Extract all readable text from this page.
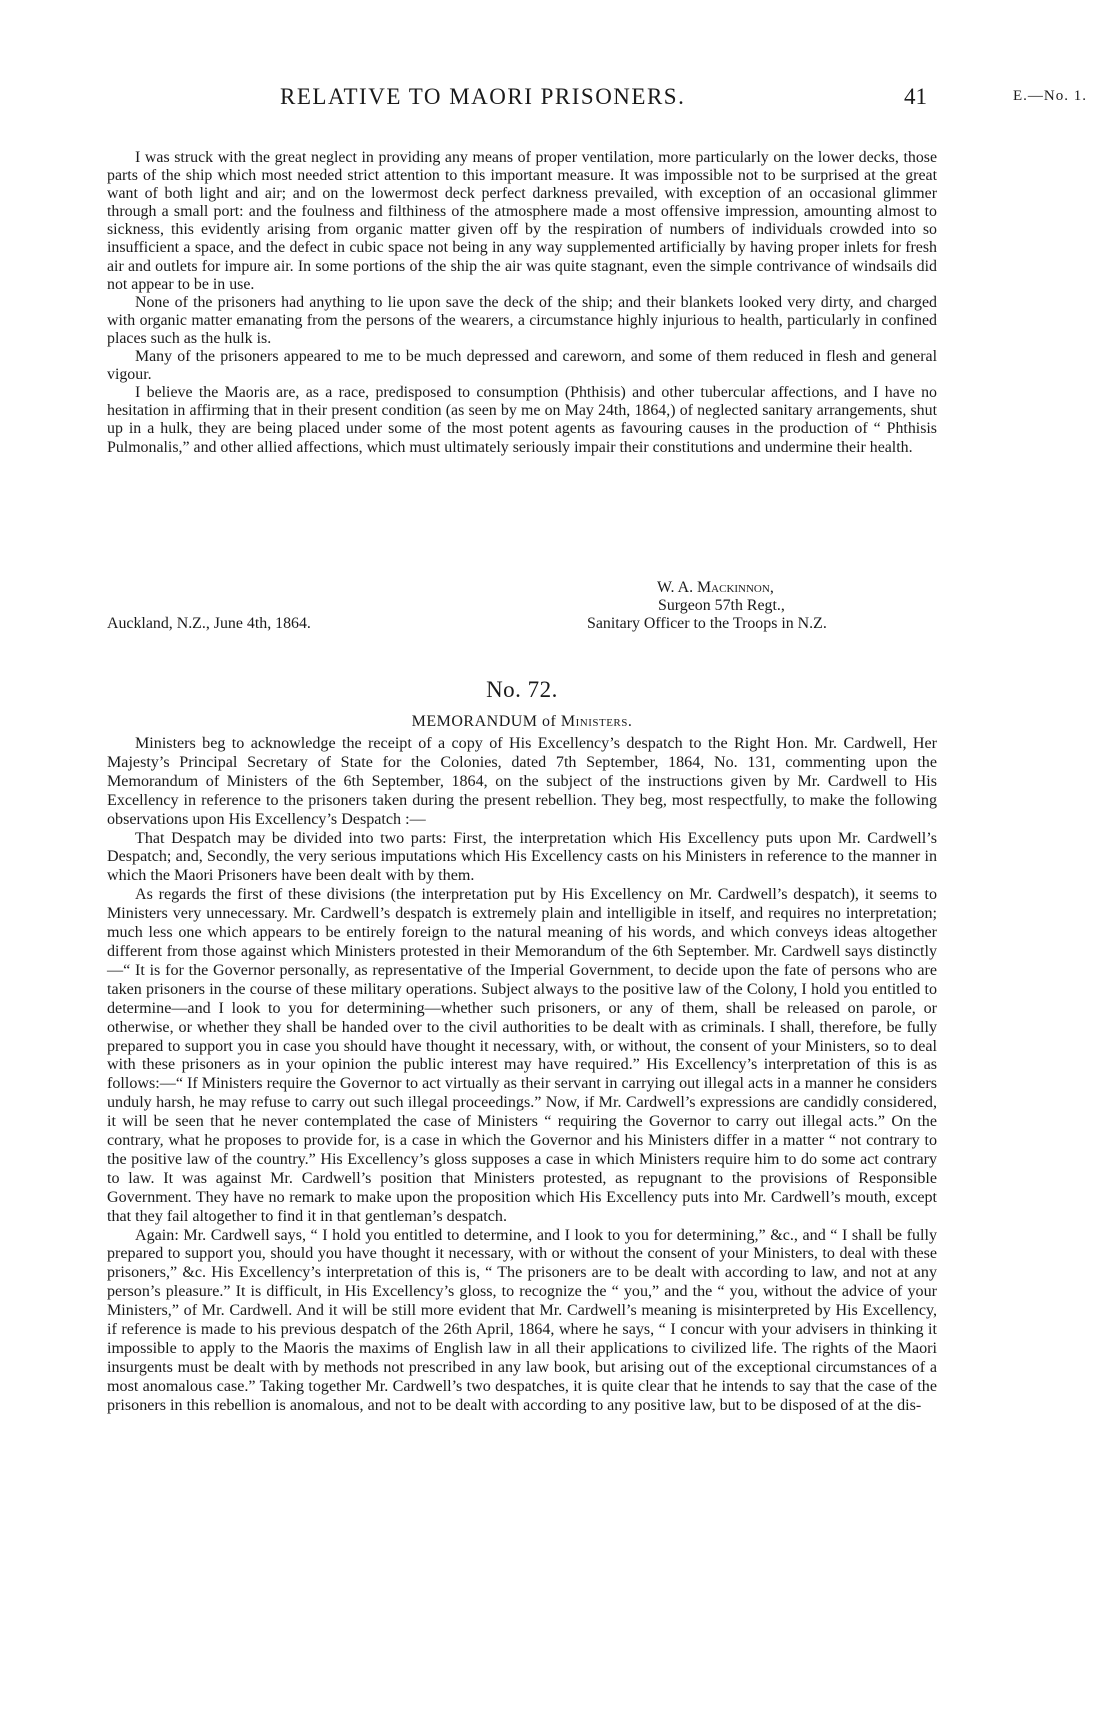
RELATIVE TO MAORI PRISONERS.	41	E.—No. 1.

I was struck with the great neglect in providing any means of proper ventilation, more particularly on the lower decks, those parts of the ship which most needed strict attention to this important measure. It was impossible not to be surprised at the great want of both light and air; and on the lowermost deck perfect darkness prevailed, with exception of an occasional glimmer through a small port: and the foulness and filthiness of the atmosphere made a most offensive impression, amounting almost to sickness, this evidently arising from organic matter given off by the respiration of numbers of individuals crowded into so insufficient a space, and the defect in cubic space not being in any way supplemented artificially by having proper inlets for fresh air and outlets for impure air. In some portions of the ship the air was quite stagnant, even the simple contrivance of windsails did not appear to be in use.

None of the prisoners had anything to lie upon save the deck of the ship; and their blankets looked very dirty, and charged with organic matter emanating from the persons of the wearers, a circumstance highly injurious to health, particularly in confined places such as the hulk is.

Many of the prisoners appeared to me to be much depressed and careworn, and some of them reduced in flesh and general vigour.

I believe the Maoris are, as a race, predisposed to consumption (Phthisis) and other tubercular affections, and I have no hesitation in affirming that in their present condition (as seen by me on May 24th, 1864,) of neglected sanitary arrangements, shut up in a hulk, they are being placed under some of the most potent agents as favouring causes in the production of “ Phthisis Pulmonalis,” and other allied affections, which must ultimately seriously impair their constitutions and undermine their health.

W. A. Mackinnon,
Surgeon 57th Regt.,
Auckland, N.Z., June 4th, 1864.	Sanitary Officer to the Troops in N.Z.
No. 72.
MEMORANDUM of Ministers.

Ministers beg to acknowledge the receipt of a copy of His Excellency’s despatch to the Right Hon. Mr. Cardwell, Her Majesty’s Principal Secretary of State for the Colonies, dated 7th September, 1864, No. 131, commenting upon the Memorandum of Ministers of the 6th September, 1864, on the subject of the instructions given by Mr. Cardwell to His Excellency in reference to the prisoners taken during the present rebellion. They beg, most respectfully, to make the following observations upon His Excellency’s Despatch :—

That Despatch may be divided into two parts: First, the interpretation which His Excellency puts upon Mr. Cardwell’s Despatch; and, Secondly, the very serious imputations which His Excellency casts on his Ministers in reference to the manner in which the Maori Prisoners have been dealt with by them.

As regards the first of these divisions (the interpretation put by His Excellency on Mr. Cardwell’s despatch), it seems to Ministers very unnecessary. Mr. Cardwell’s despatch is extremely plain and intelligible in itself, and requires no interpretation; much less one which appears to be entirely foreign to the natural meaning of his words, and which conveys ideas altogether different from those against which Ministers protested in their Memorandum of the 6th September. Mr. Cardwell says distinctly—“ It is for the Governor personally, as representative of the Imperial Government, to decide upon the fate of persons who are taken prisoners in the course of these military operations. Subject always to the positive law of the Colony, I hold you entitled to determine—and I look to you for determining—whether such prisoners, or any of them, shall be released on parole, or otherwise, or whether they shall be handed over to the civil authorities to be dealt with as criminals. I shall, therefore, be fully prepared to support you in case you should have thought it necessary, with, or without, the consent of your Ministers, so to deal with these prisoners as in your opinion the public interest may have required.” His Excellency’s interpretation of this is as follows:—“ If Ministers require the Governor to act virtually as their servant in carrying out illegal acts in a manner he considers unduly harsh, he may refuse to carry out such illegal proceedings.” Now, if Mr. Cardwell’s expressions are candidly considered, it will be seen that he never contemplated the case of Ministers “ requiring the Governor to carry out illegal acts.” On the contrary, what he proposes to provide for, is a case in which the Governor and his Ministers differ in a matter “ not contrary to the positive law of the country.” His Excellency’s gloss supposes a case in which Ministers require him to do some act contrary to law. It was against Mr. Cardwell’s position that Ministers protested, as repugnant to the provisions of Responsible Government. They have no remark to make upon the proposition which His Excellency puts into Mr. Cardwell’s mouth, except that they fail altogether to find it in that gentleman’s despatch.

Again: Mr. Cardwell says, “ I hold you entitled to determine, and I look to you for determining,” &c., and “ I shall be fully prepared to support you, should you have thought it necessary, with or without the consent of your Ministers, to deal with these prisoners,” &c. His Excellency’s interpretation of this is, “ The prisoners are to be dealt with according to law, and not at any person’s pleasure.” It is difficult, in His Excellency’s gloss, to recognize the “ you,” and the “ you, without the advice of your Ministers,” of Mr. Cardwell. And it will be still more evident that Mr. Cardwell’s meaning is misinterpreted by His Excellency, if reference is made to his previous despatch of the 26th April, 1864, where he says, “ I concur with your advisers in thinking it impossible to apply to the Maoris the maxims of English law in all their applications to civilized life. The rights of the Maori insurgents must be dealt with by methods not prescribed in any law book, but arising out of the exceptional circumstances of a most anomalous case.” Taking together Mr. Cardwell’s two despatches, it is quite clear that he intends to say that the case of the prisoners in this rebellion is anomalous, and not to be dealt with according to any positive law, but to be disposed of at the dis-
